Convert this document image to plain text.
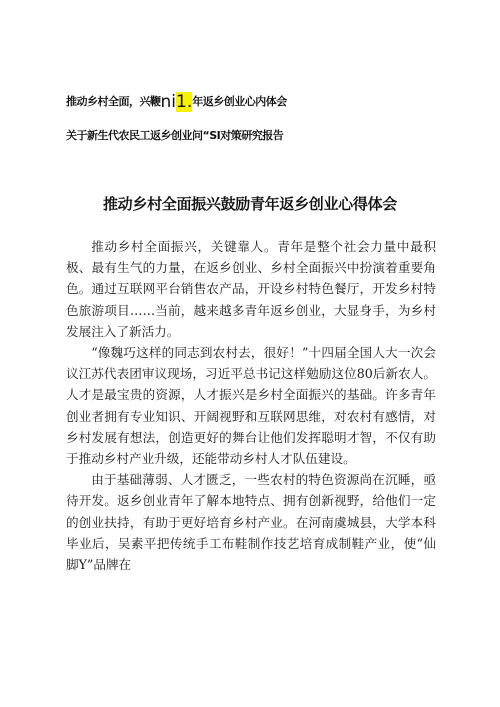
推动乡村全面，兴鞭ni1.年返乡创业心内体会
关于新生代农民工返乡创业问“SI对策研究报告
推动乡村全面振兴鼓励青年返乡创业心得体会

推动乡村全面振兴，关键靠人。青年是整个社会力量中最积极、最有生气的力量，在返乡创业、乡村全面振兴中扮演着重要角色。通过互联网平台销售农产品，开设乡村特色餐厅，开发乡村特色旅游项目……当前，越来越多青年返乡创业，大显身手，为乡村发展注入了新活力。

“像魏巧这样的同志到农村去，很好！”十四届全国人大一次会议江苏代表团审议现场，习近平总书记这样勉励这位80后新农人。人才是最宝贵的资源，人才振兴是乡村全面振兴的基础。许多青年创业者拥有专业知识、开阔视野和互联网思维，对农村有感情，对乡村发展有想法，创造更好的舞台让他们发挥聪明才智，不仅有助于推动乡村产业升级，还能带动乡村人才队伍建设。

由于基础薄弱、人才匮乏，一些农村的特色资源尚在沉睡，亟待开发。返乡创业青年了解本地特点、拥有创新视野，给他们一定的创业扶持，有助于更好培育乡村产业。在河南虞城县，大学本科毕业后，吴素平把传统手工布鞋制作技艺培育成制鞋产业，使“仙脚Y”品牌在
